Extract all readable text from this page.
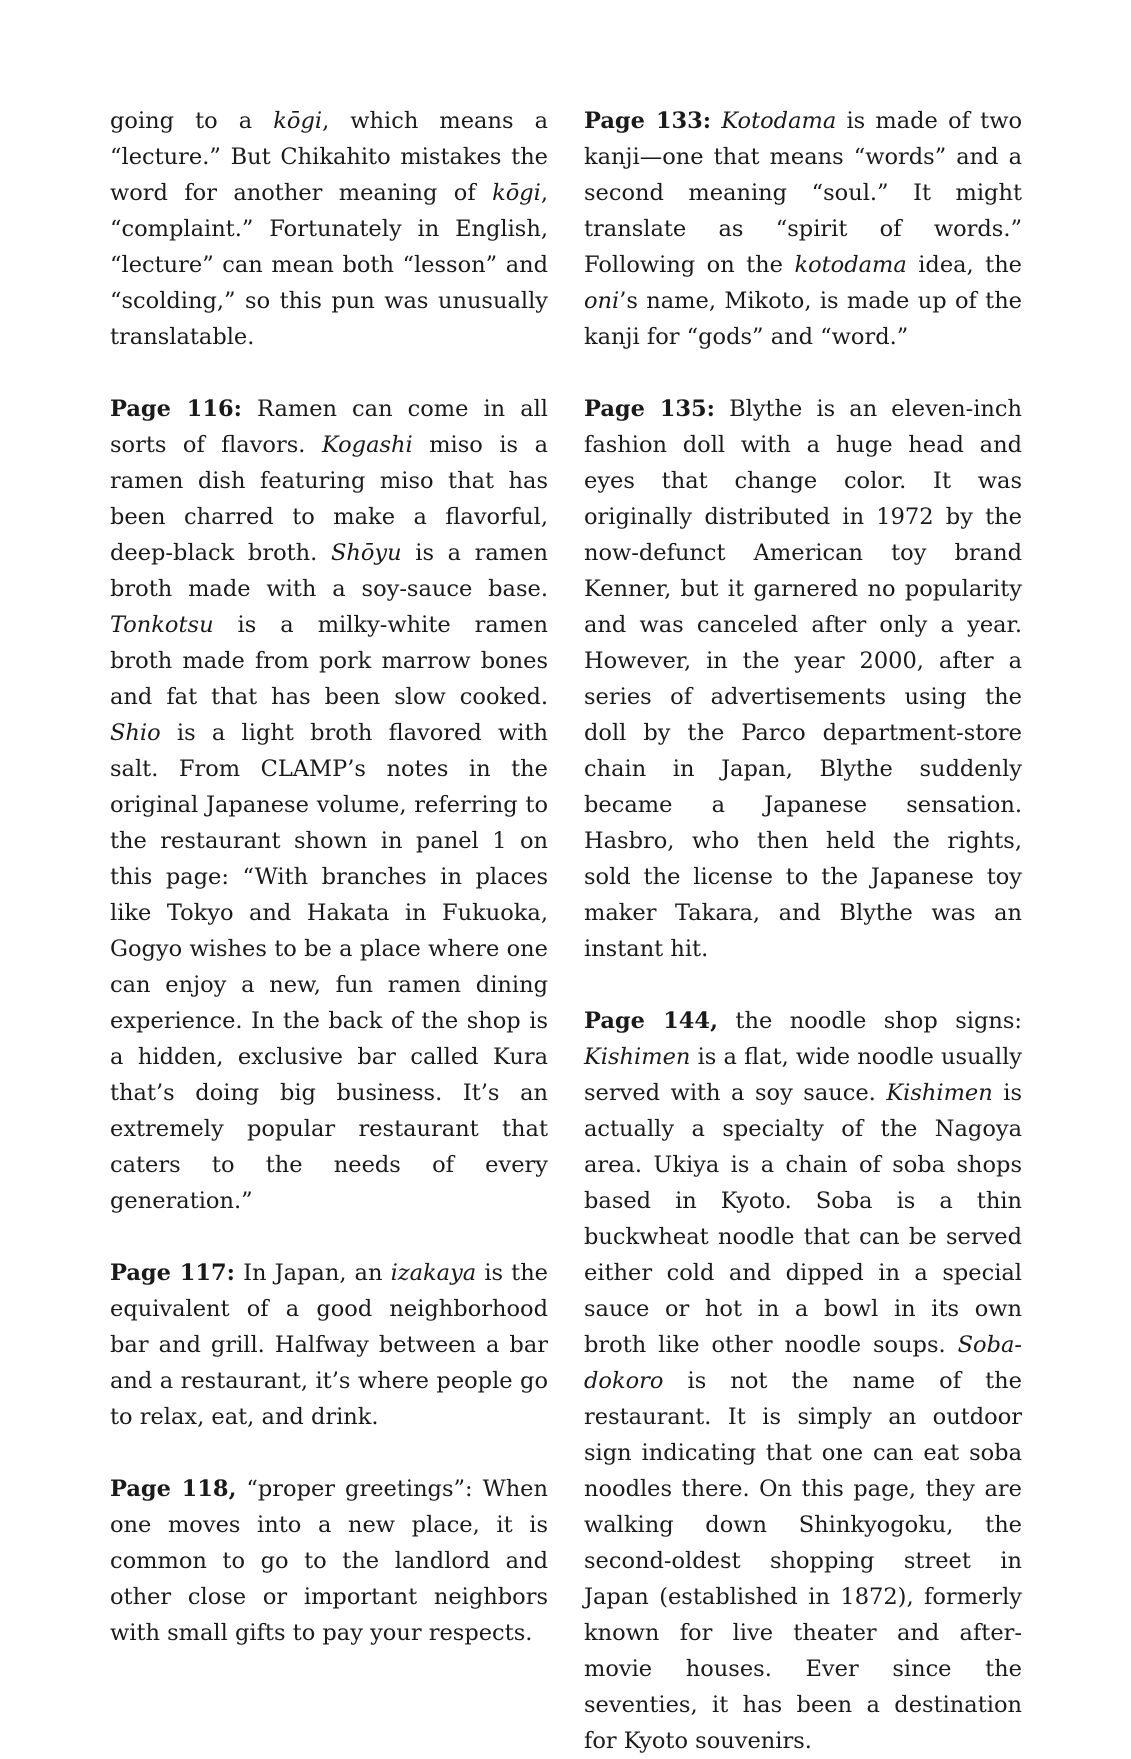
going to a kōgi, which means a “lecture.” But Chikahito mistakes the word for another meaning of kōgi, “complaint.” Fortunately in English, “lecture” can mean both “lesson” and “scolding,” so this pun was unusually translatable.

Page 116: Ramen can come in all sorts of flavors. Kogashi miso is a ramen dish featuring miso that has been charred to make a flavorful, deep-black broth. Shōyu is a ramen broth made with a soy-sauce base. Tonkotsu is a milky-white ramen broth made from pork marrow bones and fat that has been slow cooked. Shio is a light broth flavored with salt. From CLAMP’s notes in the original Japanese volume, referring to the restaurant shown in panel 1 on this page: “With branches in places like Tokyo and Hakata in Fukuoka, Gogyo wishes to be a place where one can enjoy a new, fun ramen dining experience. In the back of the shop is a hidden, exclusive bar called Kura that’s doing big business. It’s an extremely popular restaurant that caters to the needs of every generation.”

Page 117: In Japan, an izakaya is the equivalent of a good neighborhood bar and grill. Halfway between a bar and a restaurant, it’s where people go to relax, eat, and drink.

Page 118, “proper greetings”: When one moves into a new place, it is common to go to the landlord and other close or important neighbors with small gifts to pay your respects.

Page 133: Kotodama is made of two kanji—one that means “words” and a second meaning “soul.” It might translate as “spirit of words.” Following on the kotodama idea, the oni’s name, Mikoto, is made up of the kanji for “gods” and “word.”

Page 135: Blythe is an eleven-inch fashion doll with a huge head and eyes that change color. It was originally distributed in 1972 by the now-defunct American toy brand Kenner, but it garnered no popularity and was canceled after only a year. However, in the year 2000, after a series of advertisements using the doll by the Parco department-store chain in Japan, Blythe suddenly became a Japanese sensation. Hasbro, who then held the rights, sold the license to the Japanese toy maker Takara, and Blythe was an instant hit.

Page 144, the noodle shop signs: Kishimen is a flat, wide noodle usually served with a soy sauce. Kishimen is actually a specialty of the Nagoya area. Ukiya is a chain of soba shops based in Kyoto. Soba is a thin buckwheat noodle that can be served either cold and dipped in a special sauce or hot in a bowl in its own broth like other noodle soups. Soba-dokoro is not the name of the restaurant. It is simply an outdoor sign indicating that one can eat soba noodles there. On this page, they are walking down Shinkyogoku, the second-oldest shopping street in Japan (established in 1872), formerly known for live theater and after-movie houses. Ever since the seventies, it has been a destination for Kyoto souvenirs.
